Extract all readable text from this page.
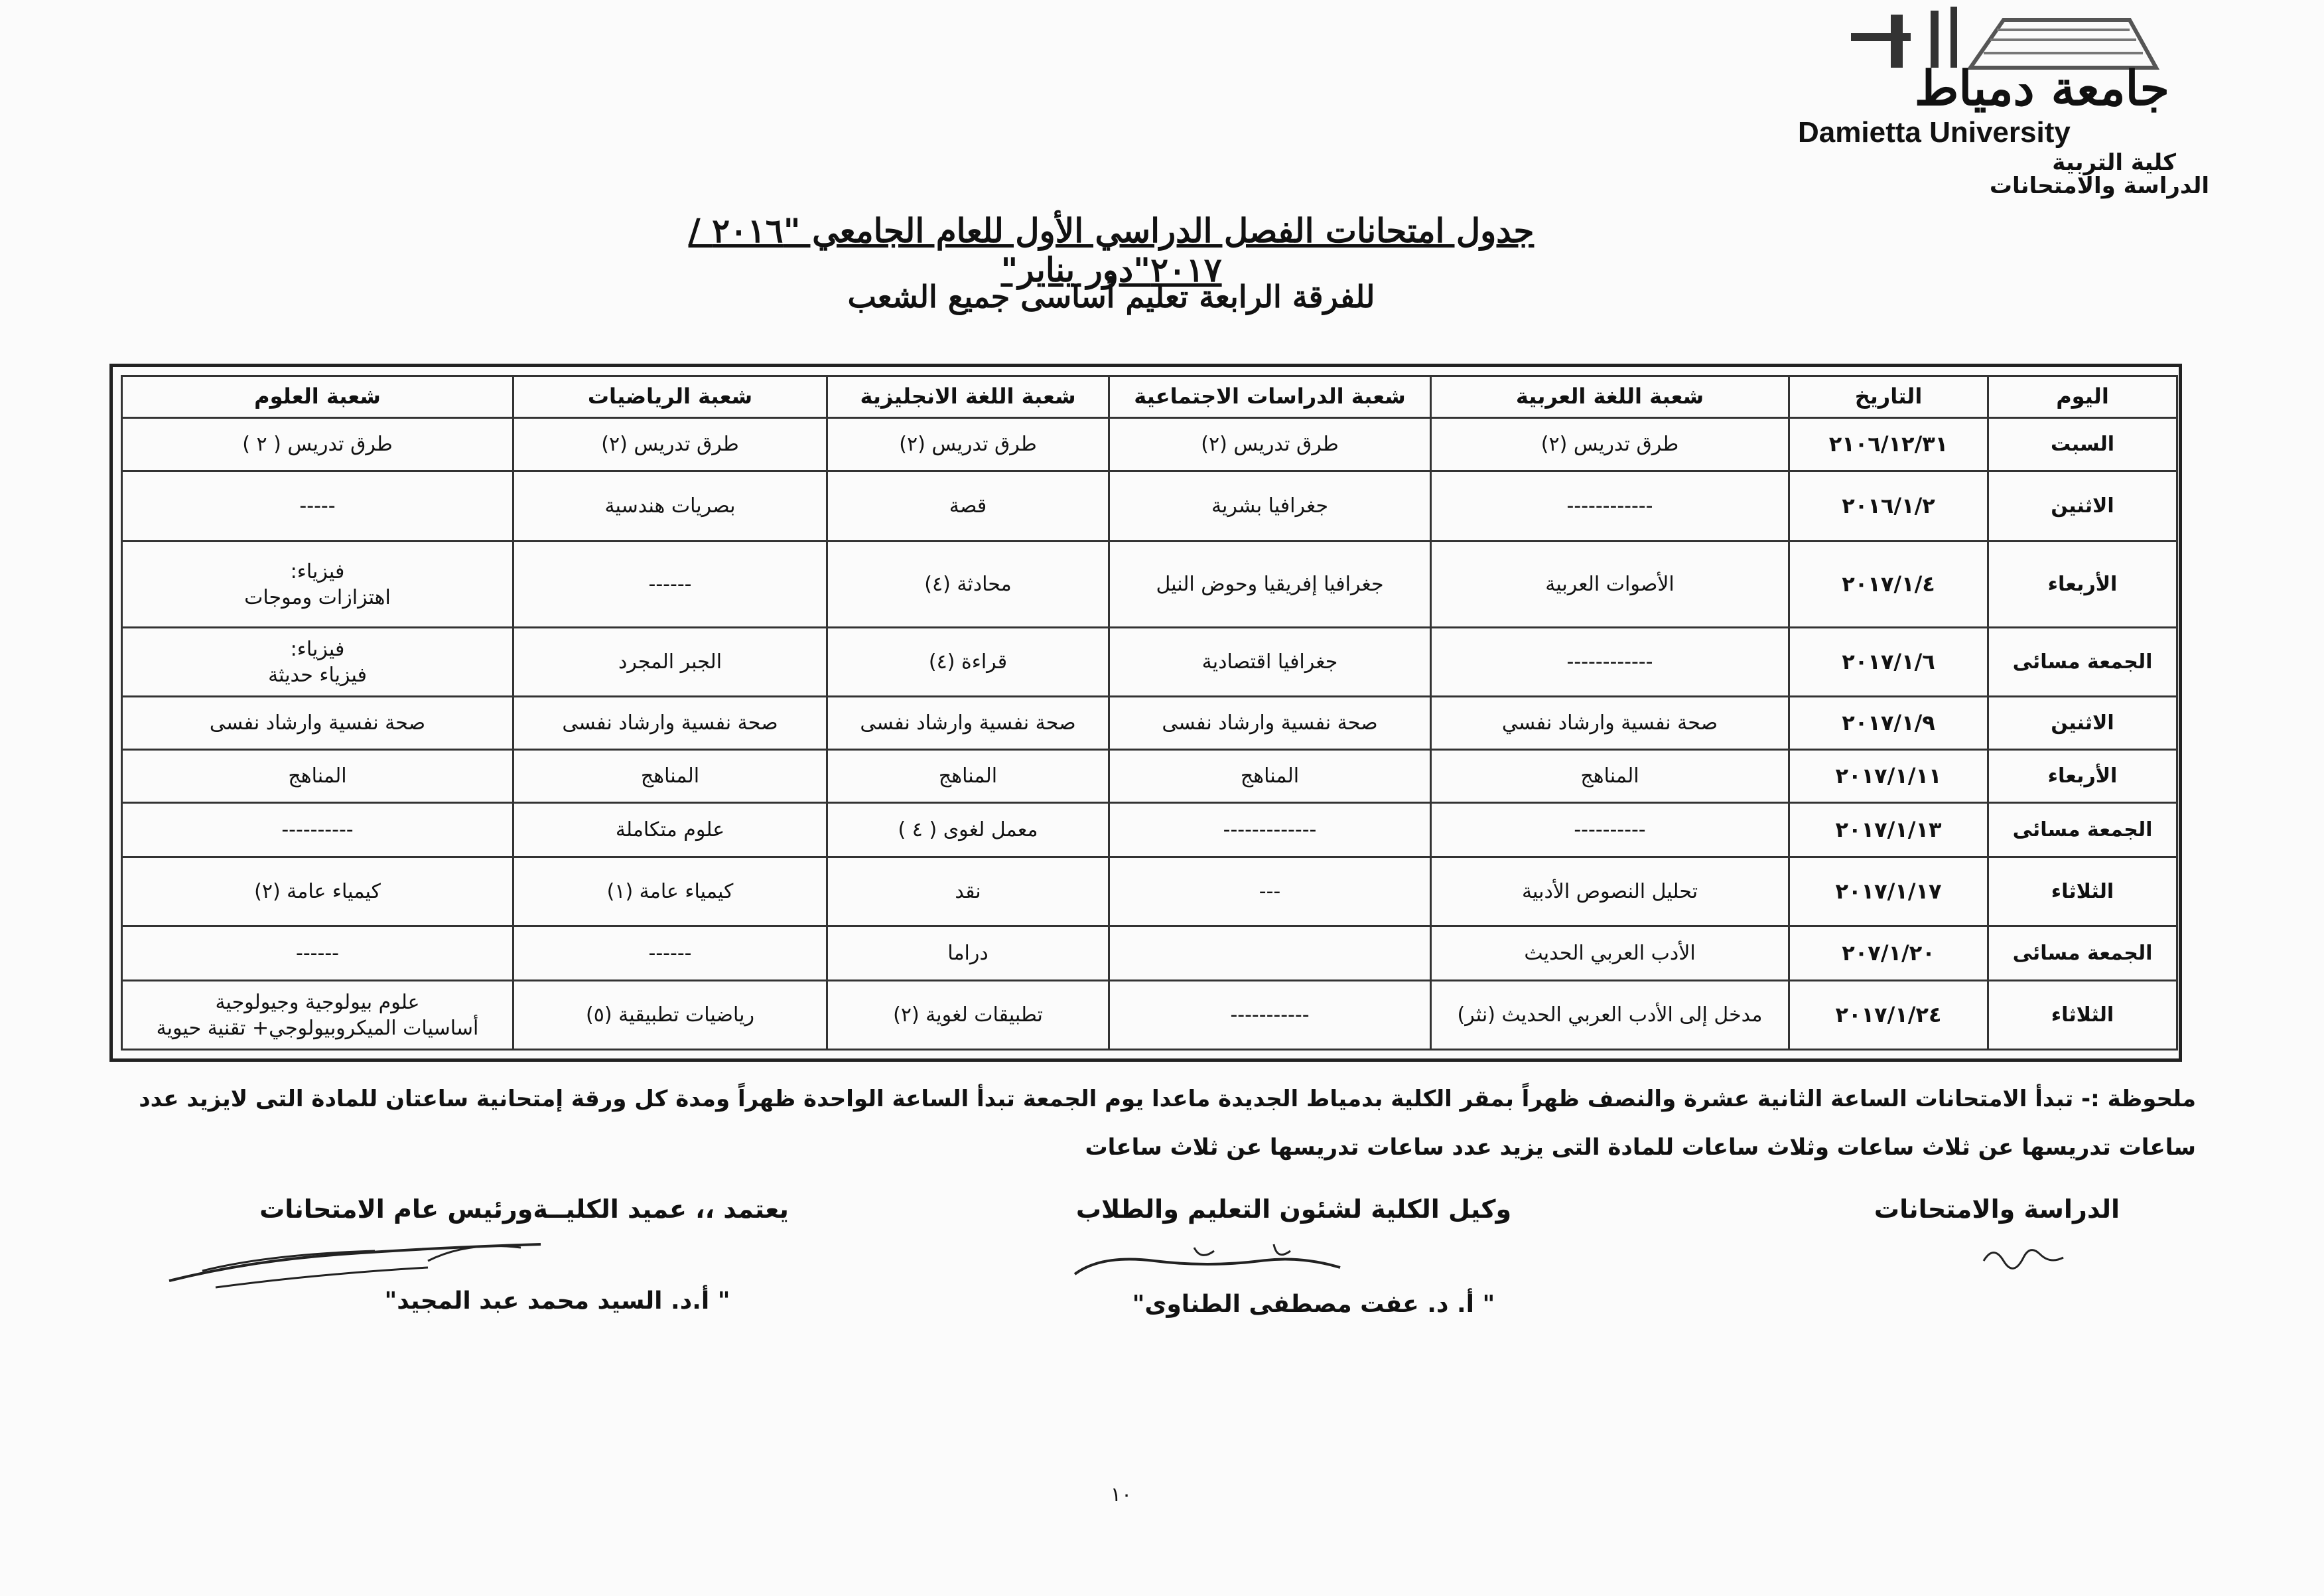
جامعة دمياط
Damietta University
كلية التربية
الدراسة والامتحانات
جدول امتحانات الفصل الدراسي الأول للعام الجامعي "٢٠١٦ /٢٠١٧"دور يناير"
للفرقة الرابعة تعليم أساسى جميع الشعب
اليوم	التاريخ	شعبة اللغة العربية	شعبة الدراسات الاجتماعية	شعبة اللغة الانجليزية	شعبة الرياضيات	شعبة العلوم
السبت	٢١٠٦/١٢/٣١	طرق تدريس (٢)	طرق تدريس (٢)	طرق تدريس (٢)	طرق تدريس (٢)	طرق تدريس ( ٢ )
الاثنين	٢٠١٦/١/٢	------------	جغرافيا بشرية	قصة	بصريات هندسية	-----
الأربعاء	٢٠١٧/١/٤	الأصوات العربية	جغرافيا إفريقيا وحوض النيل	محادثة (٤)	------	فيزياء:
اهتزازات وموجات
الجمعة مسائى	٢٠١٧/١/٦	------------	جغرافيا اقتصادية	قراءة (٤)	الجبر المجرد	فيزياء:
فيزياء حديثة
الاثنين	٢٠١٧/١/٩	صحة نفسية وارشاد نفسي	صحة نفسية وارشاد نفسى	صحة نفسية وارشاد نفسى	صحة نفسية وارشاد نفسى	صحة نفسية وارشاد نفسى
الأربعاء	٢٠١٧/١/١١	المناهج	المناهج	المناهج	المناهج	المناهج
الجمعة مسائى	٢٠١٧/١/١٣	----------	-------------	معمل لغوى ( ٤ )	علوم متكاملة	----------
الثلاثاء	٢٠١٧/١/١٧	تحليل النصوص الأدبية	---	نقد	كيمياء عامة (١)	كيمياء عامة (٢)
الجمعة مسائى	٢٠٧/١/٢٠	الأدب العربي الحديث		دراما	------	------
الثلاثاء	٢٠١٧/١/٢٤	مدخل إلى الأدب العربي الحديث (نثر)	-----------	تطبيقات لغوية (٢)	رياضيات تطبيقية (٥)	علوم بيولوجية وجيولوجية
أساسيات الميكروبيولوجي+ تقنية حيوية
ملحوظة :- تبدأ الامتحانات الساعة الثانية عشرة والنصف ظهراً بمقر الكلية بدمياط الجديدة ماعدا يوم الجمعة تبدأ الساعة الواحدة ظهراً ومدة كل ورقة إمتحانية ساعتان للمادة التى لايزيد عدد ساعات تدريسها عن ثلاث ساعات وثلاث ساعات للمادة التى يزيد عدد ساعات تدريسها عن ثلاث ساعات
الدراسة والامتحانات
وكيل الكلية لشئون التعليم والطلاب
" أ. د. عفت مصطفى الطناوى"
يعتمد ،، عميد الكليــةورئيس عام الامتحانات
" أ.د. السيد محمد عبد المجيد"
١٠
